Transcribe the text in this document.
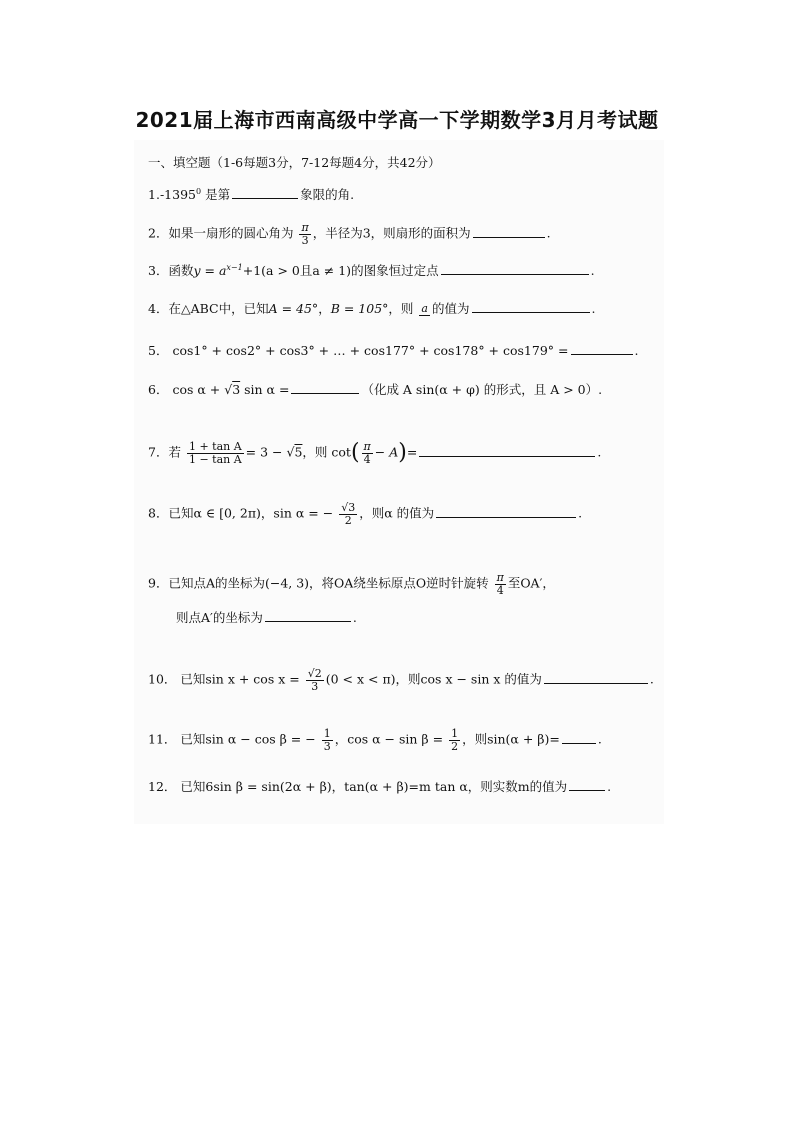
2021届上海市西南高级中学高一下学期数学3月月考试题
一、填空题（1-6每题3分，7-12每题4分，共42分）
1.-1395$^0$ 是第	象限的角.
2．如果一扇形的圆心角为 $\frac{\pi}{3}$ ，半径为3，则扇形的面积为	.
3．函数$y = a^{x-1}+1(a > 0$且a ≠ 1)的图象恒过定点	.
4．在△ABC中，已知A = 45°，B = 105°，则 a 的值为	.
5． cos1° + cos2° + cos3° + … + cos177° + cos178° + cos179° =	.
6． cos α + √3 sin α =	（化成 A sin(α + φ) 的形式，且 A > 0）.
7．若 $\frac{\text{1 + tan A}}{\text{1 − tan A}} = 3 - √5$，则 $\cot( \frac{\pi}{4} - A)=$	.
8．已知α ∈ [0, 2π)，sin α = − $\frac{√3}{2}$ ，则α 的值为	.
9．已知点A的坐标为(−4, 3)，将OA绕坐标原点O逆时针旋转 $\frac{\pi}{4}$ 至OA′，
则点A′的坐标为	.
10． 已知$\sin x + \cos x = \frac{√2}{3} (0 < x < \pi)$，则cos x − sin x 的值为	.
11． 已知sin α − cos β = − $\frac{1}{3}$ ，$\cos \alpha - \sin \beta = \frac{1}{2}$ ，则sin(α + β)=	.
12． 已知6sin β = sin(2α + β)，tan(α + β)=m tan α，则实数m的值为	.
